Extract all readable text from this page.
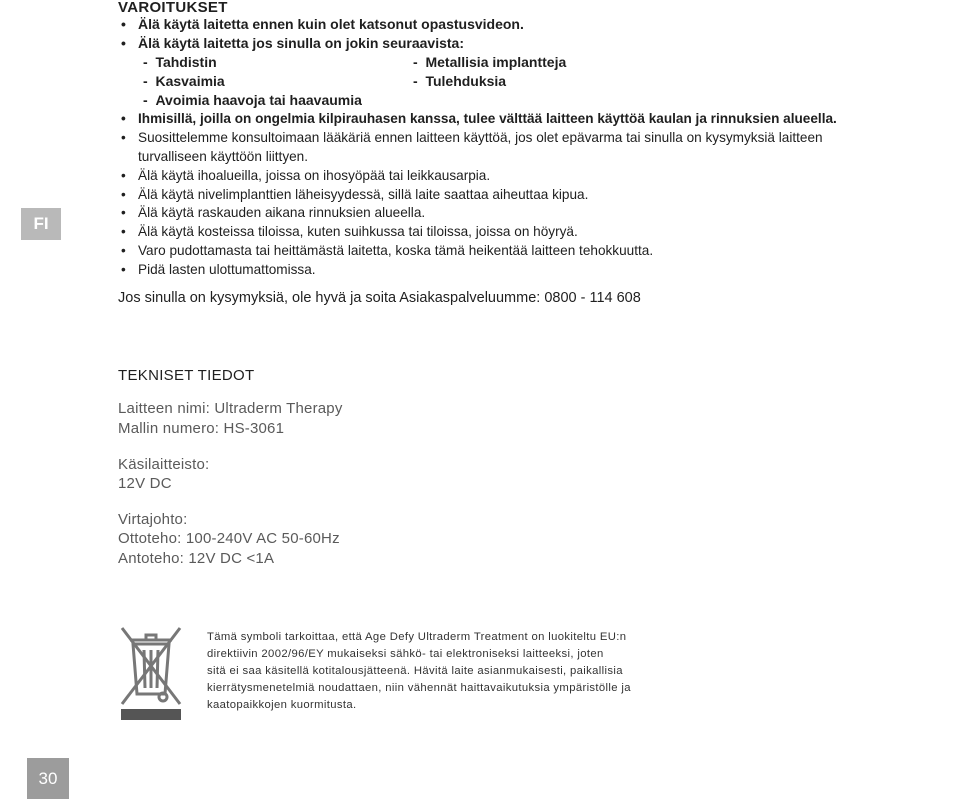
FI
30
VAROITUKSET
• Älä käytä laitetta ennen kuin olet katsonut opastusvideon.
• Älä käytä laitetta jos sinulla on jokin seuraavista:
- Tahdistin	- Metallisia implantteja
- Kasvaimia	- Tulehduksia
- Avoimia haavoja tai haavaumia
• Ihmisillä, joilla on ongelmia kilpirauhasen kanssa, tulee välttää laitteen käyttöä kaulan ja rinnuksien alueella.
• Suosittelemme konsultoimaan lääkäriä ennen laitteen käyttöä, jos olet epävarma tai sinulla on kysymyksiä laitteen
turvalliseen käyttöön liittyen.
• Älä käytä ihoalueilla, joissa on ihosyöpää tai leikkausarpia.
• Älä käytä nivelimplanttien läheisyydessä, sillä laite saattaa aiheuttaa kipua.
• Älä käytä raskauden aikana rinnuksien alueella.
• Älä käytä kosteissa tiloissa, kuten suihkussa tai tiloissa, joissa on höyryä.
• Varo pudottamasta tai heittämästä laitetta, koska tämä heikentää laitteen tehokkuutta.
• Pidä lasten ulottumattomissa.
Jos sinulla on kysymyksiä, ole hyvä ja soita Asiakaspalveluumme: 0800 - 114 608
TEKNISET TIEDOT
Laitteen nimi: Ultraderm Therapy
Mallin numero: HS-3061
Käsilaitteisto:
12V DC
Virtajohto:
Ottoteho: 100-240V AC 50-60Hz
Antoteho: 12V DC <1A
Tämä symboli tarkoittaa, että Age Defy Ultraderm Treatment on luokiteltu EU:n
direktiivin 2002/96/EY mukaiseksi sähkö- tai elektroniseksi laitteeksi, joten
sitä ei saa käsitellä kotitalousjätteenä. Hävitä laite asianmukaisesti, paikallisia
kierrätysmenetelmiä noudattaen, niin vähennät haittavaikutuksia ympäristölle ja
kaatopaikkojen kuormitusta.
